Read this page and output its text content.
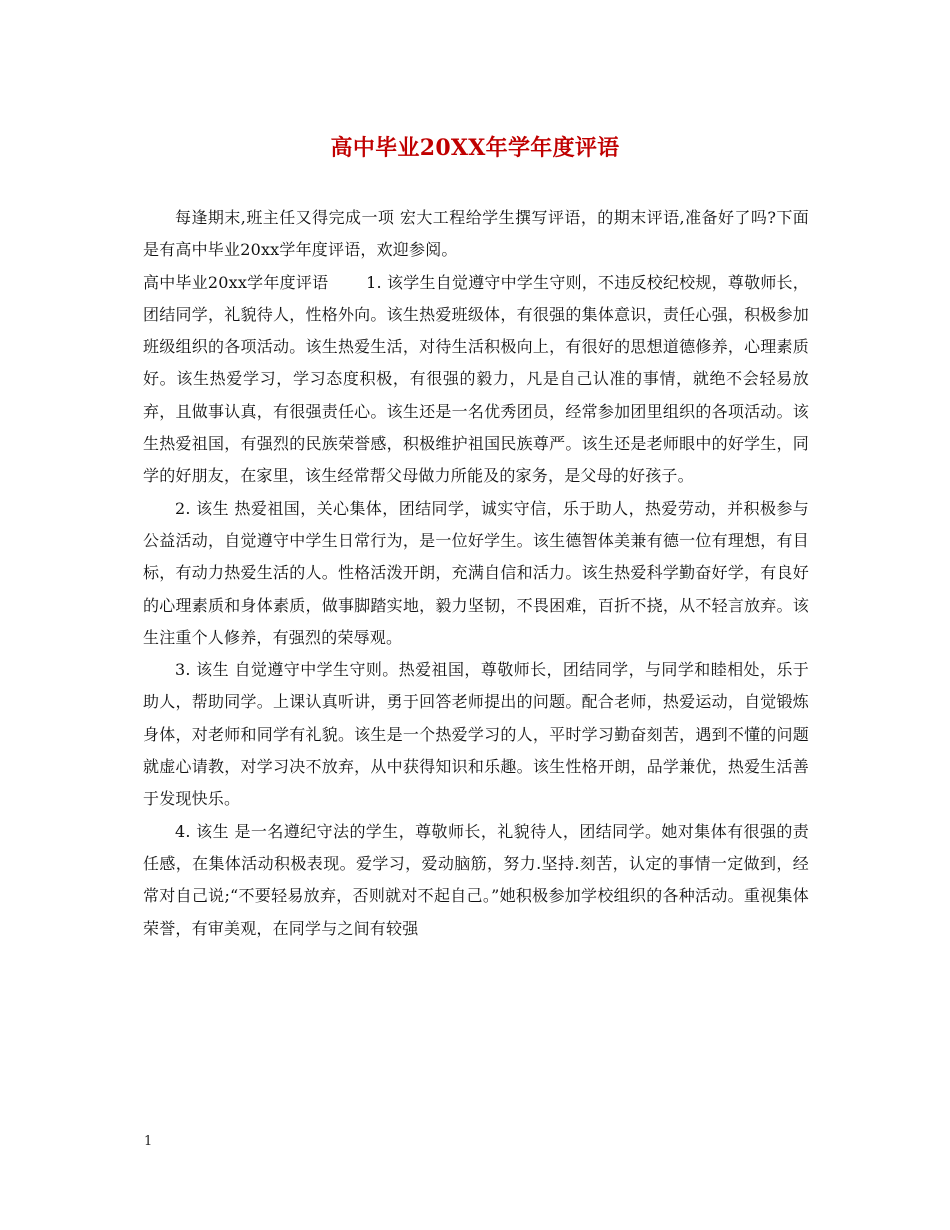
高中毕业20XX年学年度评语

每逢期末,班主任又得完成一项 宏大工程给学生撰写评语，的期末评语,准备好了吗?下面是有高中毕业20xx学年度评语，欢迎参阅。

高中毕业20xx学年度评语　　 1. 该学生自觉遵守中学生守则，不违反校纪校规，尊敬师长，团结同学，礼貌待人，性格外向。该生热爱班级体，有很强的集体意识，责任心强，积极参加班级组织的各项活动。该生热爱生活，对待生活积极向上，有很好的思想道德修养，心理素质好。该生热爱学习，学习态度积极，有很强的毅力，凡是自己认准的事情，就绝不会轻易放弃，且做事认真，有很强责任心。该生还是一名优秀团员，经常参加团里组织的各项活动。该生热爱祖国，有强烈的民族荣誉感，积极维护祖国民族尊严。该生还是老师眼中的好学生，同学的好朋友，在家里，该生经常帮父母做力所能及的家务，是父母的好孩子。

2. 该生 热爱祖国，关心集体，团结同学，诚实守信，乐于助人，热爱劳动，并积极参与公益活动，自觉遵守中学生日常行为，是一位好学生。该生德智体美兼有德一位有理想，有目标，有动力热爱生活的人。性格活泼开朗，充满自信和活力。该生热爱科学勤奋好学，有良好的心理素质和身体素质，做事脚踏实地，毅力坚韧，不畏困难，百折不挠，从不轻言放弃。该生注重个人修养，有强烈的荣辱观。

3. 该生 自觉遵守中学生守则。热爱祖国，尊敬师长，团结同学，与同学和睦相处，乐于助人，帮助同学。上课认真听讲，勇于回答老师提出的问题。配合老师，热爱运动，自觉锻炼身体，对老师和同学有礼貌。该生是一个热爱学习的人，平时学习勤奋刻苦，遇到不懂的问题就虚心请教，对学习决不放弃，从中获得知识和乐趣。该生性格开朗，品学兼优，热爱生活善于发现快乐。

4. 该生 是一名遵纪守法的学生，尊敬师长，礼貌待人，团结同学。她对集体有很强的责任感，在集体活动积极表现。爱学习，爱动脑筋，努力.坚持.刻苦，认定的事情一定做到，经常对自己说;“不要轻易放弃，否则就对不起自己。”她积极参加学校组织的各种活动。重视集体荣誉，有审美观，在同学与之间有较强

1
